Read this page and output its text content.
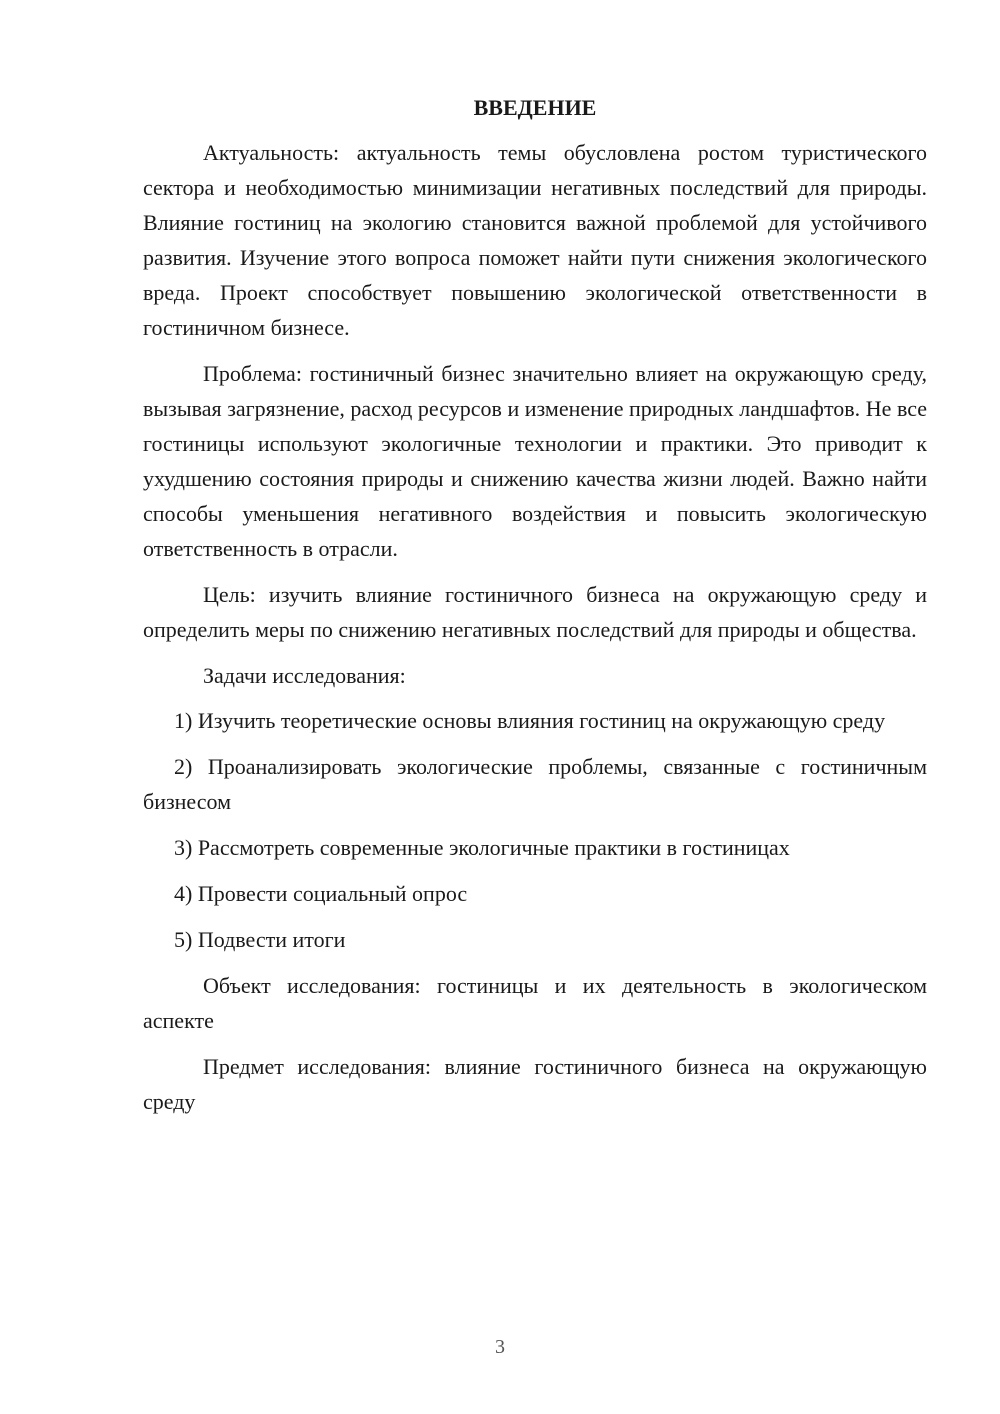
ВВЕДЕНИЕ

Актуальность: актуальность темы обусловлена ростом туристического сектора и необходимостью минимизации негативных последствий для природы. Влияние гостиниц на экологию становится важной проблемой для устойчивого развития. Изучение этого вопроса поможет найти пути снижения экологического вреда. Проект способствует повышению экологической ответственности в гостиничном бизнесе.

Проблема: гостиничный бизнес значительно влияет на окружающую среду, вызывая загрязнение, расход ресурсов и изменение природных ландшафтов. Не все гостиницы используют экологичные технологии и практики. Это приводит к ухудшению состояния природы и снижению качества жизни людей. Важно найти способы уменьшения негативного воздействия и повысить экологическую ответственность в отрасли.

Цель: изучить влияние гостиничного бизнеса на окружающую среду и определить меры по снижению негативных последствий для природы и общества.

Задачи исследования:

1) Изучить теоретические основы влияния гостиниц на окружающую среду

2) Проанализировать экологические проблемы, связанные с гостиничным бизнесом

3) Рассмотреть современные экологичные практики в гостиницах

4) Провести социальный опрос

5) Подвести итоги

Объект исследования: гостиницы и их деятельность в экологическом аспекте

Предмет исследования: влияние гостиничного бизнеса на окружающую среду

3
